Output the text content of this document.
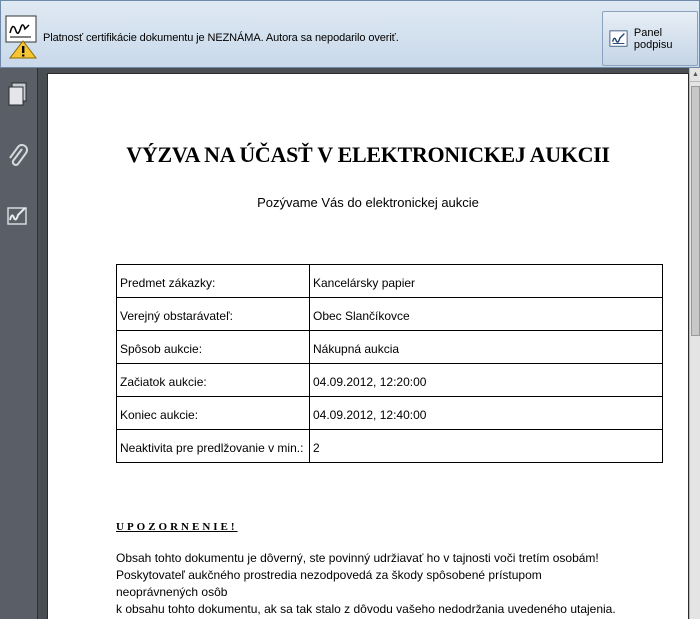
Platnosť certifikácie dokumentu je NEZNÁMA. Autora sa nepodarilo overiť.	Panel podpisu
VÝZVA NA ÚČASŤ V ELEKTRONICKEJ AUKCII
Pozývame Vás do elektronickej aukcie
Predmet zákazky:	Kancelársky papier
Verejný obstarávateľ:	Obec Slančíkovce
Spôsob aukcie:	Nákupná aukcia
Začiatok aukcie:	04.09.2012, 12:20:00
Koniec aukcie:	04.09.2012, 12:40:00
Neaktivita pre predlžovanie v min.:	2
UPOZORNENIE!
Obsah tohto dokumentu je dôverný, ste povinný udržiavať ho v tajnosti voči tretím osobám!
Poskytovateľ aukčného prostredia nezodpovedá za škody spôsobené prístupom neoprávnených osôb
k obsahu tohto dokumentu, ak sa tak stalo z dôvodu vašeho nedodržania uvedeného utajenia.
▲
